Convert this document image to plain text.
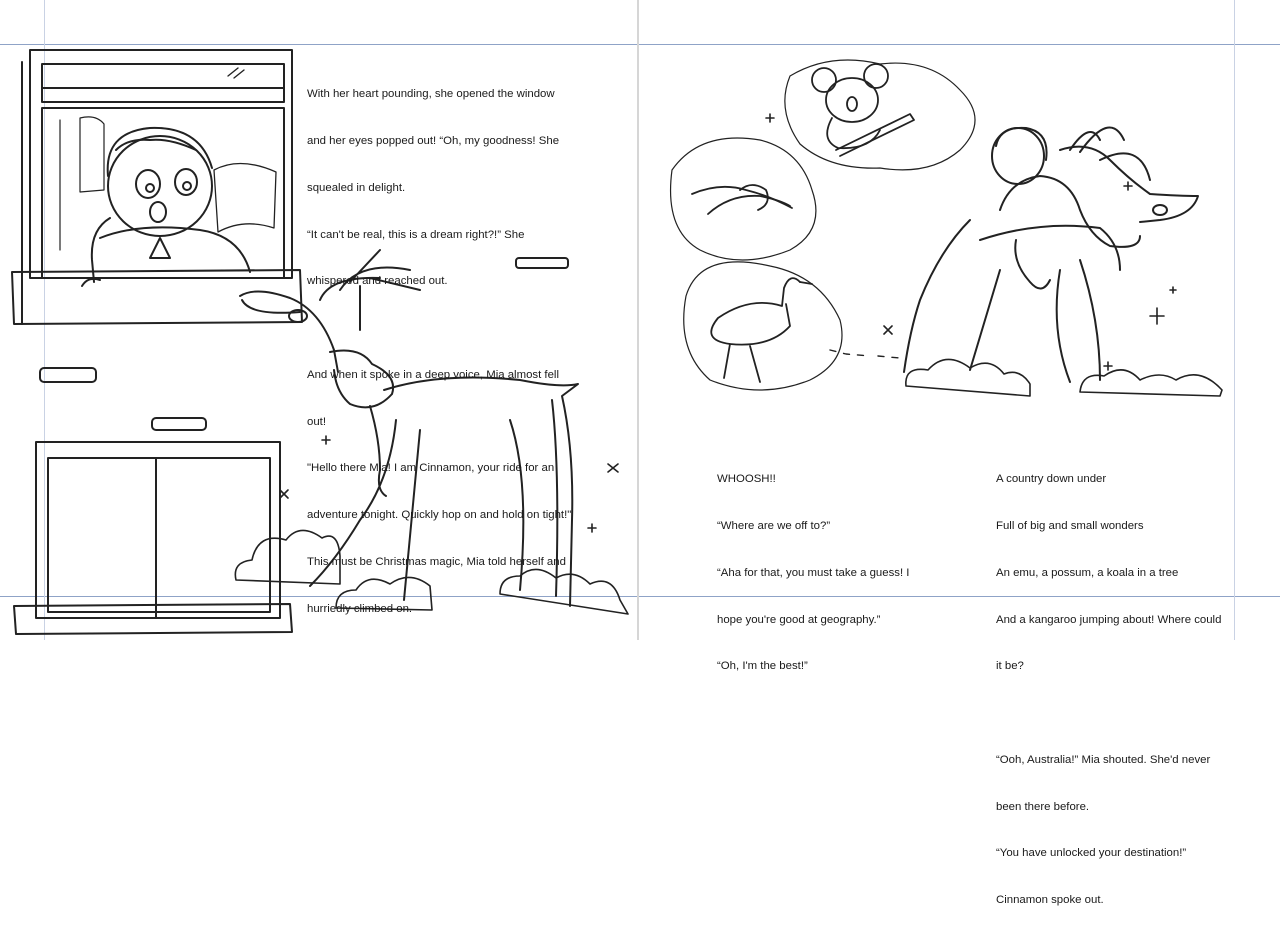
With her heart pounding, she opened the window

and her eyes popped out! “Oh, my goodness! She

squealed in delight.

“It can't be real, this is a dream right?!” She

whispered and reached out.

And when it spoke in a deep voice, Mia almost fell

out!

"Hello there Mia! I am Cinnamon, your ride for an

adventure tonight. Quickly hop on and hold on tight!"

This must be Christmas magic, Mia told herself and

hurriedly climbed on.

WHOOSH!!

“Where are we off to?”

“Aha for that, you must take a guess! I

hope you're good at geography.”

“Oh, I'm the best!”

A country down under

Full of big and small wonders

An emu, a possum, a koala in a tree

And a kangaroo jumping about! Where could

it be?

“Ooh, Australia!” Mia shouted. She'd never

been there before.

“You have unlocked your destination!”

Cinnamon spoke out.
